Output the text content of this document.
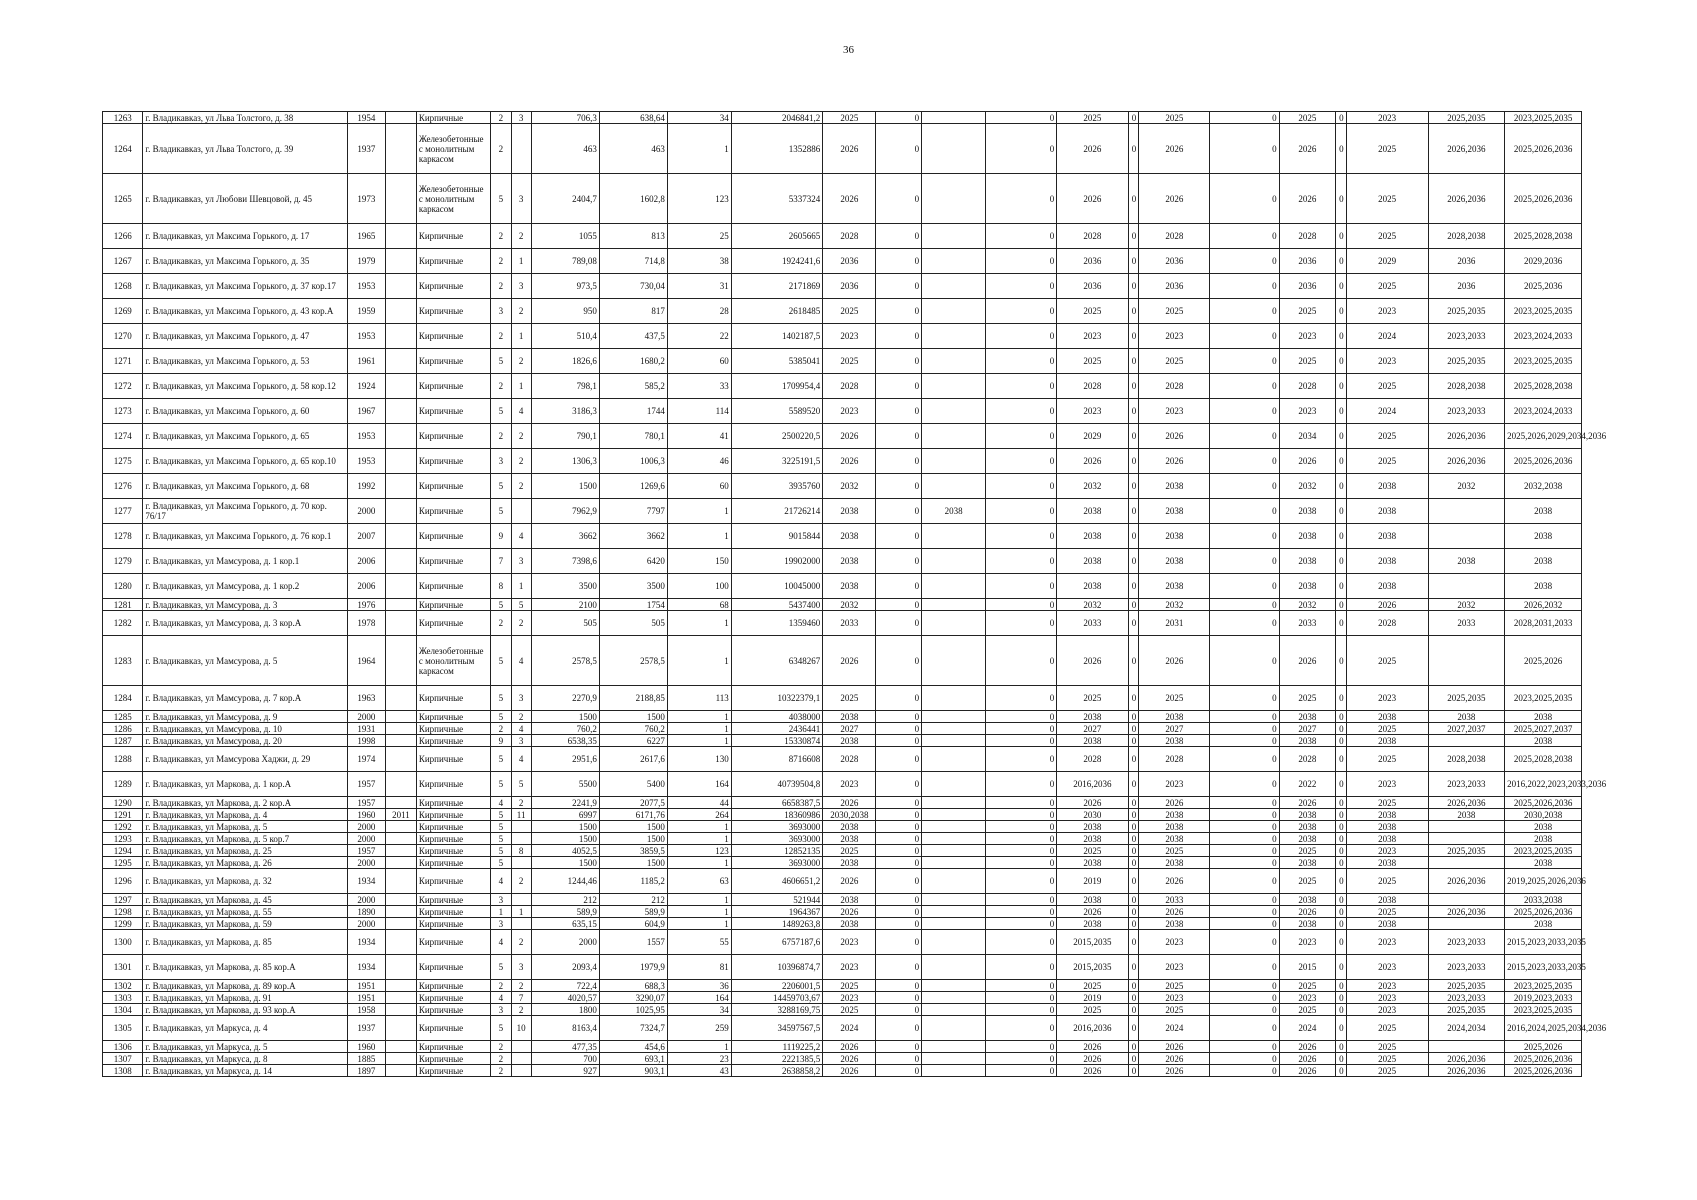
36
1263	г. Владикавказ, ул Льва Толстого, д. 38	1954		Кирпичные	2	3	706,3	638,64	34	2046841,2	2025	0		0	2025	0	2025	0	2025	0	2023	2025,2035	2023,2025,2035
1264	г. Владикавказ, ул Льва Толстого, д. 39	1937		Железобетонные с монолитным каркасом	2		463	463	1	1352886	2026	0		0	2026	0	2026	0	2026	0	2025	2026,2036	2025,2026,2036
1265	г. Владикавказ, ул Любови Шевцовой, д. 45	1973		Железобетонные с монолитным каркасом	5	3	2404,7	1602,8	123	5337324	2026	0		0	2026	0	2026	0	2026	0	2025	2026,2036	2025,2026,2036
1266	г. Владикавказ, ул Максима Горького, д. 17	1965		Кирпичные	2	2	1055	813	25	2605665	2028	0		0	2028	0	2028	0	2028	0	2025	2028,2038	2025,2028,2038
1267	г. Владикавказ, ул Максима Горького, д. 35	1979		Кирпичные	2	1	789,08	714,8	38	1924241,6	2036	0		0	2036	0	2036	0	2036	0	2029	2036	2029,2036
1268	г. Владикавказ, ул Максима Горького, д. 37 кор.17	1953		Кирпичные	2	3	973,5	730,04	31	2171869	2036	0		0	2036	0	2036	0	2036	0	2025	2036	2025,2036
1269	г. Владикавказ, ул Максима Горького, д. 43 кор.А	1959		Кирпичные	3	2	950	817	28	2618485	2025	0		0	2025	0	2025	0	2025	0	2023	2025,2035	2023,2025,2035
1270	г. Владикавказ, ул Максима Горького, д. 47	1953		Кирпичные	2	1	510,4	437,5	22	1402187,5	2023	0		0	2023	0	2023	0	2023	0	2024	2023,2033	2023,2024,2033
1271	г. Владикавказ, ул Максима Горького, д. 53	1961		Кирпичные	5	2	1826,6	1680,2	60	5385041	2025	0		0	2025	0	2025	0	2025	0	2023	2025,2035	2023,2025,2035
1272	г. Владикавказ, ул Максима Горького, д. 58 кор.12	1924		Кирпичные	2	1	798,1	585,2	33	1709954,4	2028	0		0	2028	0	2028	0	2028	0	2025	2028,2038	2025,2028,2038
1273	г. Владикавказ, ул Максима Горького, д. 60	1967		Кирпичные	5	4	3186,3	1744	114	5589520	2023	0		0	2023	0	2023	0	2023	0	2024	2023,2033	2023,2024,2033
1274	г. Владикавказ, ул Максима Горького, д. 65	1953		Кирпичные	2	2	790,1	780,1	41	2500220,5	2026	0		0	2029	0	2026	0	2034	0	2025	2026,2036	2025,2026,2029,2034,2036
1275	г. Владикавказ, ул Максима Горького, д. 65 кор.10	1953		Кирпичные	3	2	1306,3	1006,3	46	3225191,5	2026	0		0	2026	0	2026	0	2026	0	2025	2026,2036	2025,2026,2036
1276	г. Владикавказ, ул Максима Горького, д. 68	1992		Кирпичные	5	2	1500	1269,6	60	3935760	2032	0		0	2032	0	2038	0	2032	0	2038	2032	2032,2038
1277	г. Владикавказ, ул Максима Горького, д. 70 кор. 76/17	2000		Кирпичные	5		7962,9	7797	1	21726214	2038	0	2038	0	2038	0	2038	0	2038	0	2038		2038
1278	г. Владикавказ, ул Максима Горького, д. 76 кор.1	2007		Кирпичные	9	4	3662	3662	1	9015844	2038	0		0	2038	0	2038	0	2038	0	2038		2038
1279	г. Владикавказ, ул Мамсурова, д. 1 кор.1	2006		Кирпичные	7	3	7398,6	6420	150	19902000	2038	0		0	2038	0	2038	0	2038	0	2038	2038	2038
1280	г. Владикавказ, ул Мамсурова, д. 1 кор.2	2006		Кирпичные	8	1	3500	3500	100	10045000	2038	0		0	2038	0	2038	0	2038	0	2038		2038
1281	г. Владикавказ, ул Мамсурова, д. 3	1976		Кирпичные	5	5	2100	1754	68	5437400	2032	0		0	2032	0	2032	0	2032	0	2026	2032	2026,2032
1282	г. Владикавказ, ул Мамсурова, д. 3 кор.А	1978		Кирпичные	2	2	505	505	1	1359460	2033	0		0	2033	0	2031	0	2033	0	2028	2033	2028,2031,2033
1283	г. Владикавказ, ул Мамсурова, д. 5	1964		Железобетонные с монолитным каркасом	5	4	2578,5	2578,5	1	6348267	2026	0		0	2026	0	2026	0	2026	0	2025		2025,2026
1284	г. Владикавказ, ул Мамсурова, д. 7 кор.А	1963		Кирпичные	5	3	2270,9	2188,85	113	10322379,1	2025	0		0	2025	0	2025	0	2025	0	2023	2025,2035	2023,2025,2035
1285	г. Владикавказ, ул Мамсурова, д. 9	2000		Кирпичные	5	2	1500	1500	1	4038000	2038	0		0	2038	0	2038	0	2038	0	2038	2038	2038
1286	г. Владикавказ, ул Мамсурова, д. 10	1931		Кирпичные	2	4	760,2	760,2	1	2436441	2027	0		0	2027	0	2027	0	2027	0	2025	2027,2037	2025,2027,2037
1287	г. Владикавказ, ул Мамсурова, д. 20	1998		Кирпичные	9	3	6538,35	6227	1	15330874	2038	0		0	2038	0	2038	0	2038	0	2038		2038
1288	г. Владикавказ, ул Мамсурова Хаджи, д. 29	1974		Кирпичные	5	4	2951,6	2617,6	130	8716608	2028	0		0	2028	0	2028	0	2028	0	2025	2028,2038	2025,2028,2038
1289	г. Владикавказ, ул Маркова, д. 1 кор.А	1957		Кирпичные	5	5	5500	5400	164	40739504,8	2023	0		0	2016,2036	0	2023	0	2022	0	2023	2023,2033	2016,2022,2023,2033,2036
1290	г. Владикавказ, ул Маркова, д. 2 кор.А	1957		Кирпичные	4	2	2241,9	2077,5	44	6658387,5	2026	0		0	2026	0	2026	0	2026	0	2025	2026,2036	2025,2026,2036
1291	г. Владикавказ, ул Маркова, д. 4	1960	2011	Кирпичные	5	11	6997	6171,76	264	18360986	2030,2038	0		0	2030	0	2038	0	2038	0	2038	2038	2030,2038
1292	г. Владикавказ, ул Маркова, д. 5	2000		Кирпичные	5		1500	1500	1	3693000	2038	0		0	2038	0	2038	0	2038	0	2038		2038
1293	г. Владикавказ, ул Маркова, д. 5 кор.7	2000		Кирпичные	5		1500	1500	1	3693000	2038	0		0	2038	0	2038	0	2038	0	2038		2038
1294	г. Владикавказ, ул Маркова, д. 25	1957		Кирпичные	5	8	4052,5	3859,5	123	12852135	2025	0		0	2025	0	2025	0	2025	0	2023	2025,2035	2023,2025,2035
1295	г. Владикавказ, ул Маркова, д. 26	2000		Кирпичные	5		1500	1500	1	3693000	2038	0		0	2038	0	2038	0	2038	0	2038		2038
1296	г. Владикавказ, ул Маркова, д. 32	1934		Кирпичные	4	2	1244,46	1185,2	63	4606651,2	2026	0		0	2019	0	2026	0	2025	0	2025	2026,2036	2019,2025,2026,2036
1297	г. Владикавказ, ул Маркова, д. 45	2000		Кирпичные	3		212	212	1	521944	2038	0		0	2038	0	2033	0	2038	0	2038		2033,2038
1298	г. Владикавказ, ул Маркова, д. 55	1890		Кирпичные	1	1	589,9	589,9	1	1964367	2026	0		0	2026	0	2026	0	2026	0	2025	2026,2036	2025,2026,2036
1299	г. Владикавказ, ул Маркова, д. 59	2000		Кирпичные	3		635,15	604,9	1	1489263,8	2038	0		0	2038	0	2038	0	2038	0	2038		2038
1300	г. Владикавказ, ул Маркова, д. 85	1934		Кирпичные	4	2	2000	1557	55	6757187,6	2023	0		0	2015,2035	0	2023	0	2023	0	2023	2023,2033	2015,2023,2033,2035
1301	г. Владикавказ, ул Маркова, д. 85 кор.А	1934		Кирпичные	5	3	2093,4	1979,9	81	10396874,7	2023	0		0	2015,2035	0	2023	0	2015	0	2023	2023,2033	2015,2023,2033,2035
1302	г. Владикавказ, ул Маркова, д. 89 кор.А	1951		Кирпичные	2	2	722,4	688,3	36	2206001,5	2025	0		0	2025	0	2025	0	2025	0	2023	2025,2035	2023,2025,2035
1303	г. Владикавказ, ул Маркова, д. 91	1951		Кирпичные	4	7	4020,57	3290,07	164	14459703,67	2023	0		0	2019	0	2023	0	2023	0	2023	2023,2033	2019,2023,2033
1304	г. Владикавказ, ул Маркова, д. 93 кор.А	1958		Кирпичные	3	2	1800	1025,95	34	3288169,75	2025	0		0	2025	0	2025	0	2025	0	2023	2025,2035	2023,2025,2035
1305	г. Владикавказ, ул Маркуса, д. 4	1937		Кирпичные	5	10	8163,4	7324,7	259	34597567,5	2024	0		0	2016,2036	0	2024	0	2024	0	2025	2024,2034	2016,2024,2025,2034,2036
1306	г. Владикавказ, ул Маркуса, д. 5	1960		Кирпичные	2		477,35	454,6	1	1119225,2	2026	0		0	2026	0	2026	0	2026	0	2025		2025,2026
1307	г. Владикавказ, ул Маркуса, д. 8	1885		Кирпичные	2		700	693,1	23	2221385,5	2026	0		0	2026	0	2026	0	2026	0	2025	2026,2036	2025,2026,2036
1308	г. Владикавказ, ул Маркуса, д. 14	1897		Кирпичные	2		927	903,1	43	2638858,2	2026	0		0	2026	0	2026	0	2026	0	2025	2026,2036	2025,2026,2036
